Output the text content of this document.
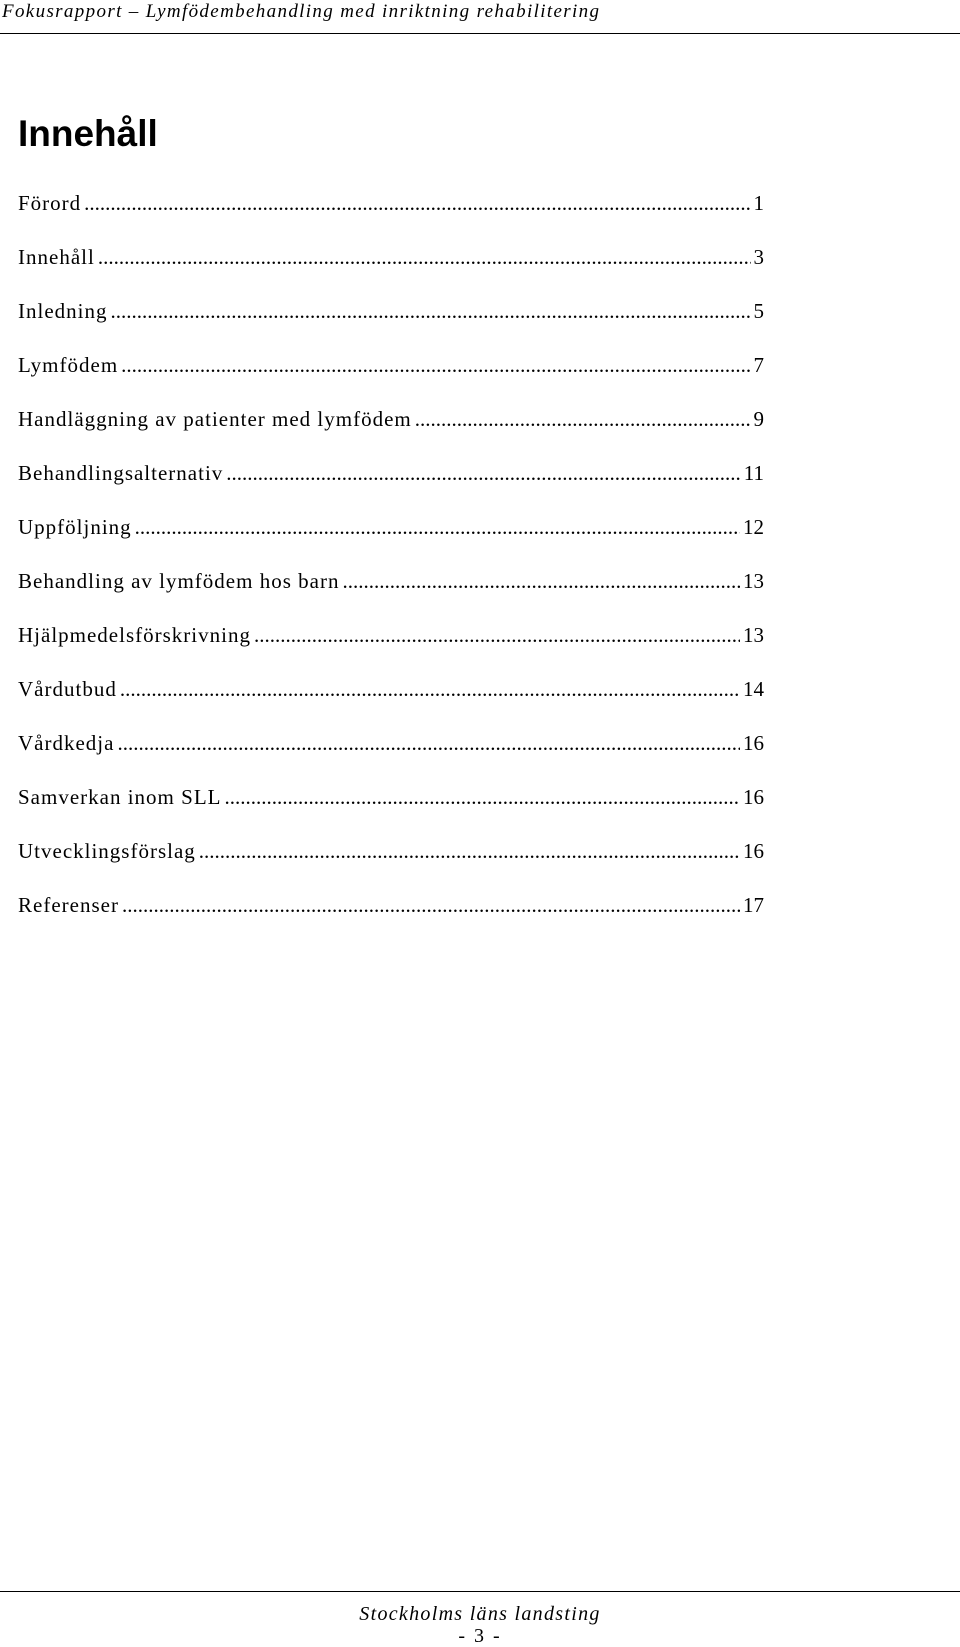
Fokusrapport – Lymfödembehandling med inriktning rehabilitering
Innehåll
Förord .....	1
Innehåll .....	3
Inledning .....	5
Lymfödem .....	7
Handläggning av patienter med lymfödem .....	9
Behandlingsalternativ .....	11
Uppföljning .....	12
Behandling av lymfödem hos barn .....	13
Hjälpmedelsförskrivning .....	13
Vårdutbud .....	14
Vårdkedja .....	16
Samverkan inom SLL .....	16
Utvecklingsförslag .....	16
Referenser .....	17
Stockholms läns landsting
- 3 -
